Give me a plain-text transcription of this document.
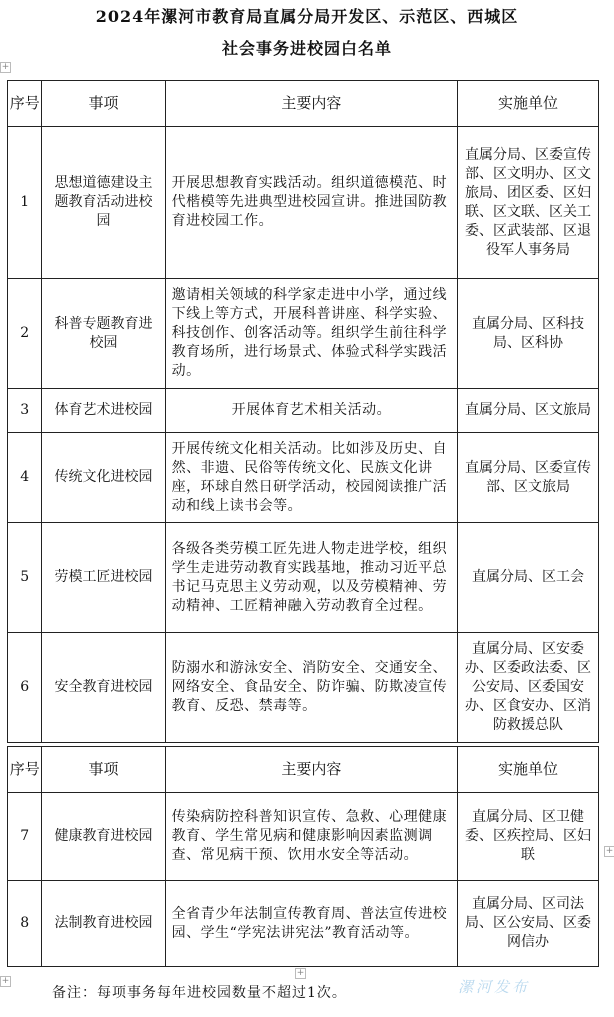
2024年漯河市教育局直属分局开发区、示范区、西城区
社会事务进校园白名单
+
+
+
+
序号	事项	主要内容	实施单位
1	思想道德建设主题教育活动进校园	开展思想教育实践活动。组织道德模范、时代楷模等先进典型进校园宣讲。推进国防教育进校园工作。	直属分局、区委宣传部、区文明办、区文旅局、团区委、区妇联、区文联、区关工委、区武装部、区退役军人事务局
2	科普专题教育进校园	邀请相关领域的科学家走进中小学，通过线下线上等方式，开展科普讲座、科学实验、科技创作、创客活动等。组织学生前往科学教育场所，进行场景式、体验式科学实践活动。	直属分局、区科技局、区科协
3	体育艺术进校园	开展体育艺术相关活动。	直属分局、区文旅局
4	传统文化进校园	开展传统文化相关活动。比如涉及历史、自然、非遗、民俗等传统文化、民族文化讲座，环球自然日研学活动，校园阅读推广活动和线上读书会等。	直属分局、区委宣传部、区文旅局
5	劳模工匠进校园	各级各类劳模工匠先进人物走进学校，组织学生走进劳动教育实践基地，推动习近平总书记马克思主义劳动观，以及劳模精神、劳动精神、工匠精神融入劳动教育全过程。	直属分局、区工会
6	安全教育进校园	防溺水和游泳安全、消防安全、交通安全、网络安全、食品安全、防诈骗、防欺凌宣传教育、反恐、禁毒等。	直属分局、区安委办、区委政法委、区公安局、区委国安办、区食安办、区消防救援总队
序号	事项	主要内容	实施单位
7	健康教育进校园	传染病防控科普知识宣传、急救、心理健康教育、学生常见病和健康影响因素监测调查、常见病干预、饮用水安全等活动。	直属分局、区卫健委、区疾控局、区妇联
8	法制教育进校园	全省青少年法制宣传教育周、普法宣传进校园、学生“学宪法讲宪法”教育活动等。	直属分局、区司法局、区公安局、区委网信办
备注：每项事务每年进校园数量不超过1次。	漯河发布
